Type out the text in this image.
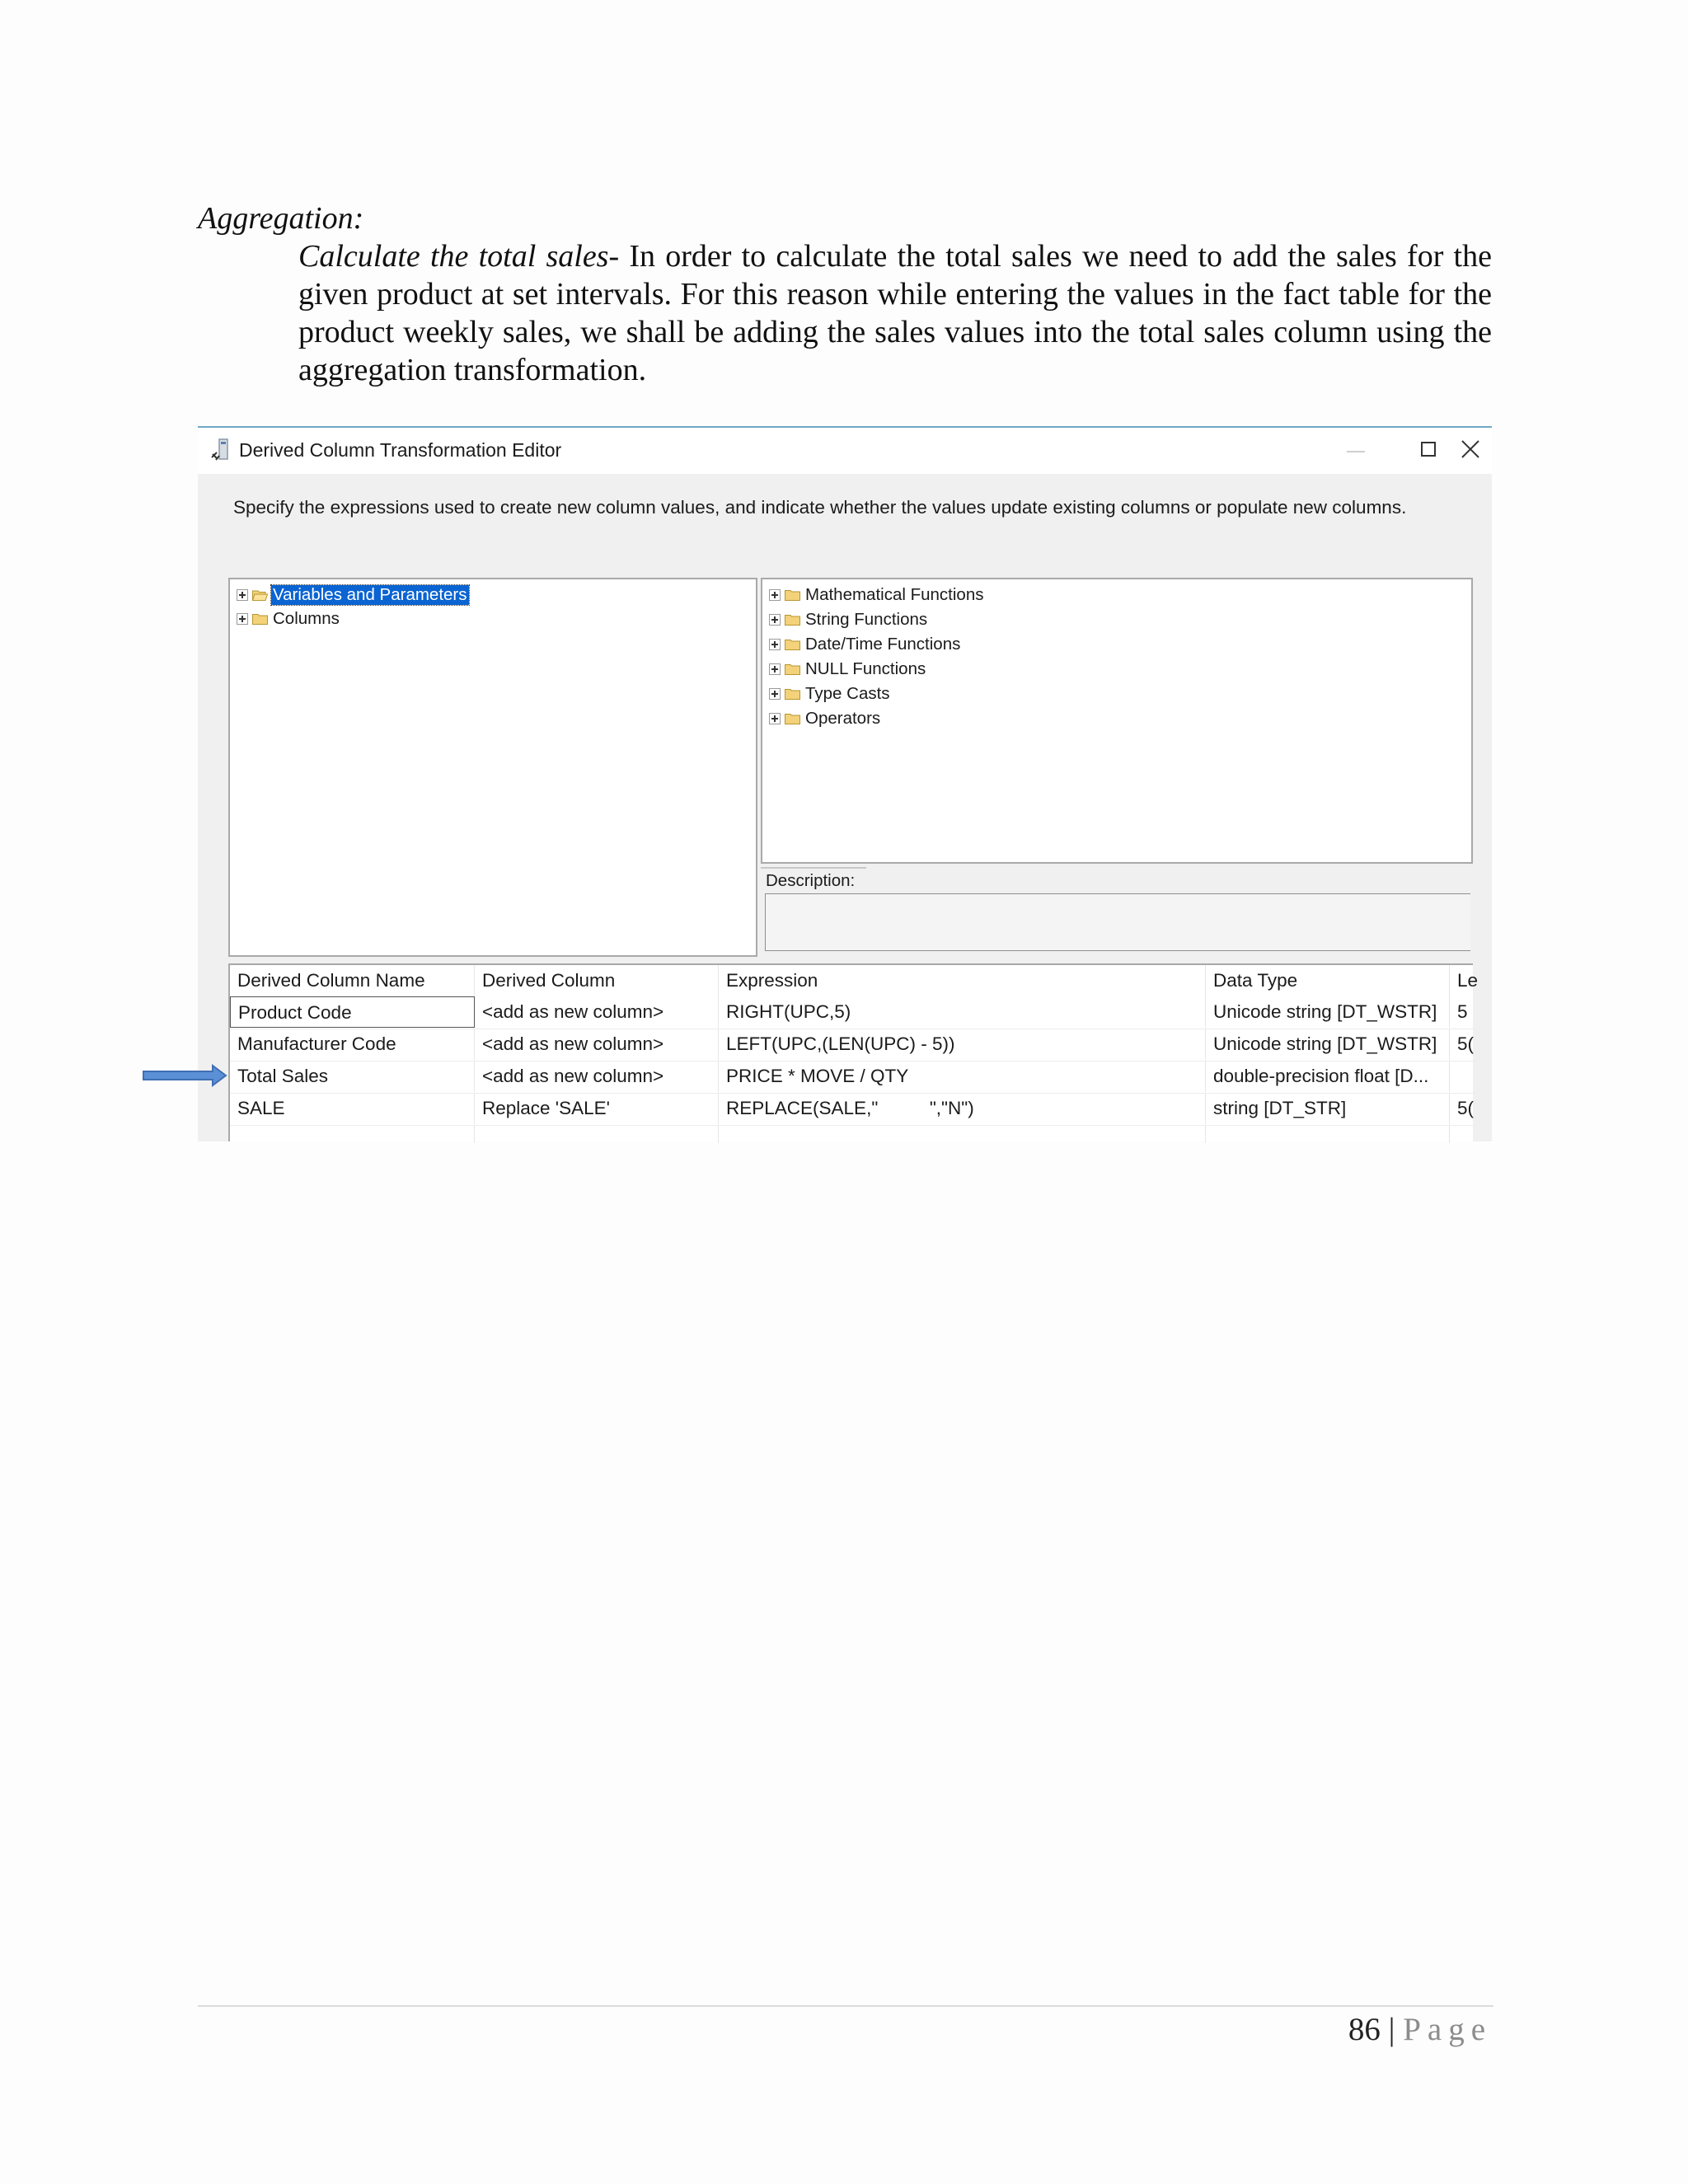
Aggregation:
Calculate the total sales- In order to calculate the total sales we need to add the sales for the given product at set intervals. For this reason while entering the values in the fact table for the product weekly sales, we shall be adding the sales values into the total sales column using the aggregation transformation.
Derived Column Transformation Editor
Specify the expressions used to create new column values, and indicate whether the values update existing columns or populate new columns.
Variables and Parameters
Columns
Mathematical Functions
String Functions
Date/Time Functions
NULL Functions
Type Casts
Operators
Description:
Derived Column Name	Derived Column	Expression	Data Type	Le
Product Code	<add as new column>	RIGHT(UPC,5)	Unicode string [DT_WSTR]	5
Manufacturer Code	<add as new column>	LEFT(UPC,(LEN(UPC) - 5))	Unicode string [DT_WSTR]	5(
Total Sales	<add as new column>	PRICE * MOVE / QTY	double-precision float [D...
SALE	Replace 'SALE'	REPLACE(SALE,"          ","N")	string [DT_STR]	5(
86 | Page
